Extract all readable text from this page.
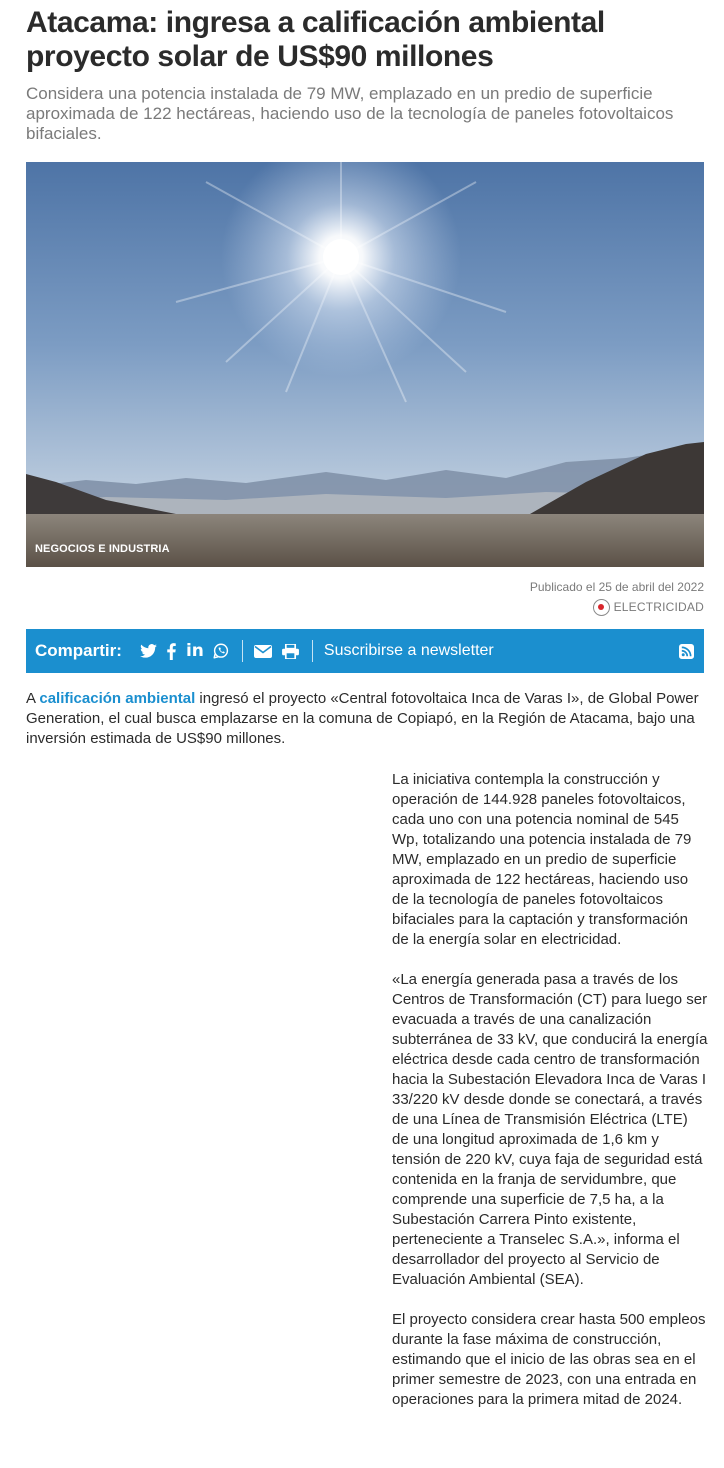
Atacama: ingresa a calificación ambiental proyecto solar de US$90 millones

Considera una potencia instalada de 79 MW, emplazado en un predio de superficie aproximada de 122 hectáreas, haciendo uso de la tecnología de paneles fotovoltaicos bifaciales.

NEGOCIOS E INDUSTRIA
Publicado el 25 de abril del 2022
ELECTRICIDAD
Compartir:	in	Suscribirse a newsletter

A calificación ambiental ingresó el proyecto «Central fotovoltaica Inca de Varas I», de Global Power Generation, el cual busca emplazarse en la comuna de Copiapó, en la Región de Atacama, bajo una inversión estimada de US$90 millones.

La iniciativa contempla la construcción y operación de 144.928 paneles fotovoltaicos, cada uno con una potencia nominal de 545 Wp, totalizando una potencia instalada de 79 MW, emplazado en un predio de superficie aproximada de 122 hectáreas, haciendo uso de la tecnología de paneles fotovoltaicos bifaciales para la captación y transformación de la energía solar en electricidad.

«La energía generada pasa a través de los Centros de Transformación (CT) para luego ser evacuada a través de una canalización subterránea de 33 kV, que conducirá la energía eléctrica desde cada centro de transformación hacia la Subestación Elevadora Inca de Varas I 33/220 kV desde donde se conectará, a través de una Línea de Transmisión Eléctrica (LTE) de una longitud aproximada de 1,6 km y tensión de 220 kV, cuya faja de seguridad está contenida en la franja de servidumbre, que comprende una superficie de 7,5 ha, a la Subestación Carrera Pinto existente, perteneciente a Transelec S.A.», informa el desarrollador del proyecto al Servicio de Evaluación Ambiental (SEA).

El proyecto considera crear hasta 500 empleos durante la fase máxima de construcción, estimando que el inicio de las obras sea en el primer semestre de 2023, con una entrada en operaciones para la primera mitad de 2024.
